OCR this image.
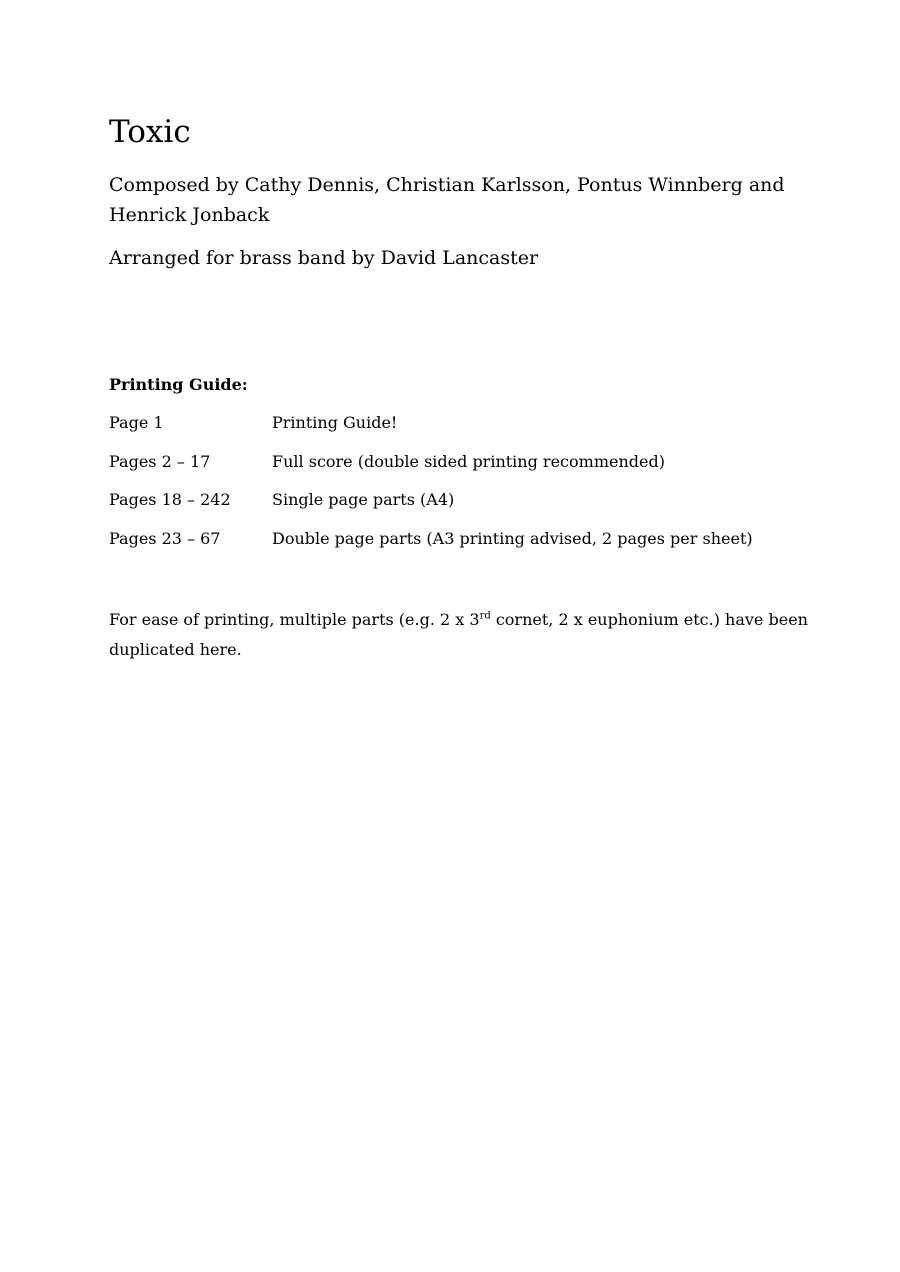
Toxic
Composed by Cathy Dennis, Christian Karlsson, Pontus Winnberg and Henrick Jonback
Arranged for brass band by David Lancaster
Printing Guide:
Page 1	Printing Guide!
Pages 2 – 17	Full score (double sided printing recommended)
Pages 18 – 242	Single page parts (A4)
Pages 23 – 67	Double page parts (A3 printing advised, 2 pages per sheet)
For ease of printing, multiple parts (e.g. 2 x 3rd cornet, 2 x euphonium etc.) have been duplicated here.
